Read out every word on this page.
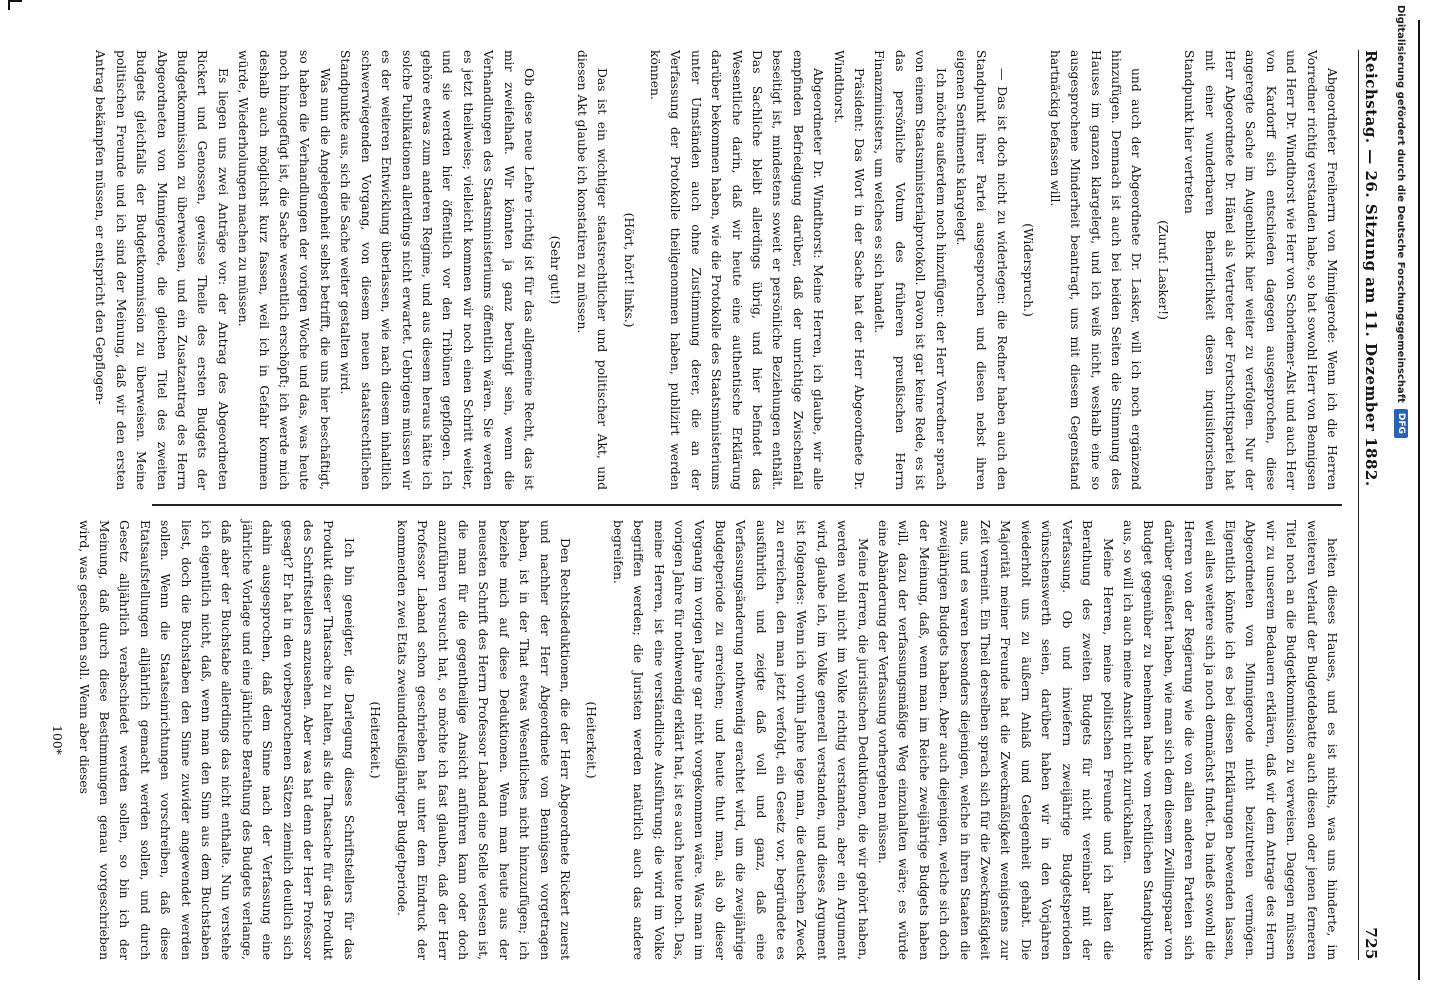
Reichstag. — 26. Sitzung am 11. Dezember 1882.
725

Abgeordneter Freiherrn von Minnigerode: Wenn ich die Herren Vorredner richtig verstanden habe, so hat sowohl Herr von Bennigsen und Herr Dr. Windthorst wie Herr von Schorlemer-Alst und auch Herr von Kardorff sich entschieden dagegen ausgesprochen, diese angeregte Sache im Augenblick hier weiter zu verfolgen. Nur der Herr Abgeordnete Dr. Hänel als Vertreter der Fortschrittspartei hat mit einer wunderbaren Beharrlichkeit diesen inquisitorischen Standpunkt hier vertreten

(Zuruf: Lasker!)

und auch der Abgeordnete Dr. Lasker, will ich noch ergänzend hinzufügen. Demnach ist auch bei beiden Seiten die Stimmung des Hauses im ganzen klargelegt, und ich weiß nicht, weshalb eine so ausgesprochene Minderheit beantragt, uns mit diesem Gegenstand hartnäckig befassen will.

(Widerspruch.)

— Das ist doch nicht zu widerlegen: die Redner haben auch den Standpunkt ihrer Partei ausgesprochen und diesen nebst ihren eigenen Sentiments klargelegt.

Ich möchte außerdem noch hinzufügen: der Herr Vorredner sprach von einem Staatsministerialprotokoll. Davon ist gar keine Rede, es ist das persönliche Votum des früheren preußischen Herrn Finanzministers, um welches es sich handelt.

Präsident: Das Wort in der Sache hat der Herr Abgeordnete Dr. Windthorst.

Abgeordneter Dr. Windthorst: Meine Herren, ich glaube, wir alle empfinden Befriedigung darüber, daß der unrichtige Zwischenfall beseitigt ist, mindestens soweit er persönliche Beziehungen enthält. Das Sachliche bleibt allerdings übrig, und hier befindet das Wesentliche darin, daß wir heute eine authentische Erklärung darüber bekommen haben, wie die Protokolle des Staatsministeriums unter Umständen auch ohne Zustimmung derer, die an der Verfassung der Protokolle theilgenommen haben, publizirt werden können.

(Hört, hört! links.)

Das ist ein wichtiger staatsrechtlicher und politischer Akt, und diesen Akt glaube ich konstatiren zu müssen.

(Sehr gut!)

Ob diese neue Lehre richtig ist für das allgemeine Recht, das ist mir zweifelhaft. Wir könnten ja ganz beruhigt sein, wenn die Verhandlungen des Staatsministeriums öffentlich wären. Sie werden es jetzt theilweise; vielleicht kommen wir noch einen Schritt weiter, und sie werden hier öffentlich vor den Tribünen gepflogen. Ich gehöre etwas zum anderen Regime, und aus diesem heraus hätte ich solche Publikationen allerdings nicht erwartet. Uebrigens müssen wir es der weiteren Entwicklung überlassen, wie nach diesem inhaltlich schwerwiegenden Vorgang, von diesem neuen staatsrechtlichen Standpunkte aus, sich die Sache weiter gestalten wird.

Was nun die Angelegenheit selbst betrifft, die uns hier beschäftigt, so haben die Verhandlungen der vorigen Woche und das, was heute noch hinzugefügt ist, die Sache wesentlich erschöpft; ich werde mich deshalb auch möglichst kurz fassen, weil ich in Gefahr kommen würde, Wiederholungen machen zu müssen.

Es liegen uns zwei Anträge vor: der Antrag des Abgeordneten Rickert und Genossen, gewisse Theile des ersten Budgets der Budgetkommission zu überweisen, und ein Zusatzantrag des Herrn Abgeordneten von Minnigerode, die gleichen Titel des zweiten Budgets gleichfalls der Budgetkommission zu überweisen. Meine politischen Freunde und ich sind der Meinung, daß wir den ersten Antrag bekämpfen müssen, er entspricht den Gepflogen-

heiten dieses Hauses, und es ist nichts, was uns hinderte, im weiteren Verlauf der Budgetdebatte auch diesen oder jenen ferneren Titel noch an die Budgetkommission zu verweisen. Dagegen müssen wir zu unserem Bedauern erklären, daß wir dem Antrage des Herrn Abgeordneten von Minnigerode nicht beizutreten vermögen. Eigentlich könnte ich es bei diesen Erklärungen bewenden lassen, weil alles weitere sich ja noch demnächst findet. Da indeß sowohl die Herren von der Regierung wie die von allen anderen Parteien sich darüber geäußert haben, wie man sich dem diesem Zwillingspaar von Budget gegenüber zu benehmen habe vom rechtlichen Standpunkte aus, so will ich auch meine Ansicht nicht zurückhalten.

Meine Herren, meine politischen Freunde und ich halten die Berathung des zweiten Budgets für nicht vereinbar mit der Verfassung. Ob und inwiefern zweijährige Budgetsperioden wünschenswerth seien, darüber haben wir in den Vorjahren wiederholt uns zu äußern Anlaß und Gelegenheit gehabt. Die Majorität meiner Freunde hat die Zweckmäßigkeit wenigstens zur Zeit verneint. Ein Theil derselben sprach sich für die Zweckmäßigkeit aus, und es waren besonders diejenigen, welche in ihren Staaten die zweijährigen Budgets haben. Aber auch diejenigen, welche sich doch der Meinung, daß, wenn man im Reiche zweijährige Budgets haben will, dazu der verfassungsmäßige Weg einzuhalten wäre; es würde eine Abänderung der Verfassung vorhergehen müssen.

Meine Herren, die juristischen Deduktionen, die wir gehört haben, werden wohl nicht im Volke richtig verstanden, aber ein Argument wird, glaube ich, im Volke generell verstanden, und dieses Argument ist folgendes: Wenn ich vorhin Jahre lege man, die deutschen Zweck zu erreichen, den man jetzt verfolgt, ein Gesetz vor, begründete es ausführlich und zeigte daß voll und ganz, daß eine Verfassungsänderung nothwendig erachtet wird, um die zweijährige Budgetperiode zu erreichen; und heute thut man, als ob dieser Vorgang im vorigen Jahre gar nicht vorgekommen wäre. Was man im vorigen Jahre für nothwendig erklärt hat, ist es auch heute noch. Das, meine Herren, ist eine verständliche Ausführung; die wird im Volke begriffen werden; die Juristen werden natürlich auch das andere begreifen.

(Heiterkeit.)

Den Rechtsdeduktionen, die der Herr Abgeordnete Rickert zuerst und nachher der Herr Abgeordnete von Bennigsen vorgetragen haben, ist in der That etwas Wesentliches nicht hinzuzufügen; ich beziehe mich auf diese Deduktionen. Wenn man heute aus der neuesten Schrift des Herrn Professor Laband eine Stelle verlesen ist, die man für die gegentheilige Ansicht anführen kann oder doch anzuführen versucht hat, so möchte ich fast glauben, daß der Herr Professor Laband schon geschrieben hat unter dem Eindruck der kommenden zwei Etats zweiunddreißigjähriger Budgetperiode.

(Heiterkeit.)

Ich bin geneigter, die Darlegung dieses Schriftstellers für das Produkt dieser Thatsache zu halten, als die Thatsache für das Produkt des Schriftstellers anzusehen. Aber was hat denn der Herr Professor gesagt? Er hat in den vorbesprochenen Sätzen ziemlich deutlich sich dahin ausgesprochen, daß dem Sinne nach der Verfassung eine jährliche Vorlage und eine jährliche Berathung des Budgets verlange, daß aber der Buchstabe allerdings das nicht enthalte. Nun verstehe ich eigentlich nicht, daß, wenn man den Sinn aus dem Buchstaben liest, doch die Buchstaben den Sinne zuwider angewendet werden sollen. Wenn die Staatseinrichtungen vorschreiben, daß diese Etatsaufstellungen alljährlich gemacht werden sollen, und durch Gesetz alljährlich verabschiedet werden sollen, so bin ich der Meinung, daß durch diese Bestimmungen genau vorgeschrieben wird, was geschehen soll. Wenn aber dieses

100*

Digitalisierung gefördert durch die Deutsche Forschungsgemeinschaft
DFG
